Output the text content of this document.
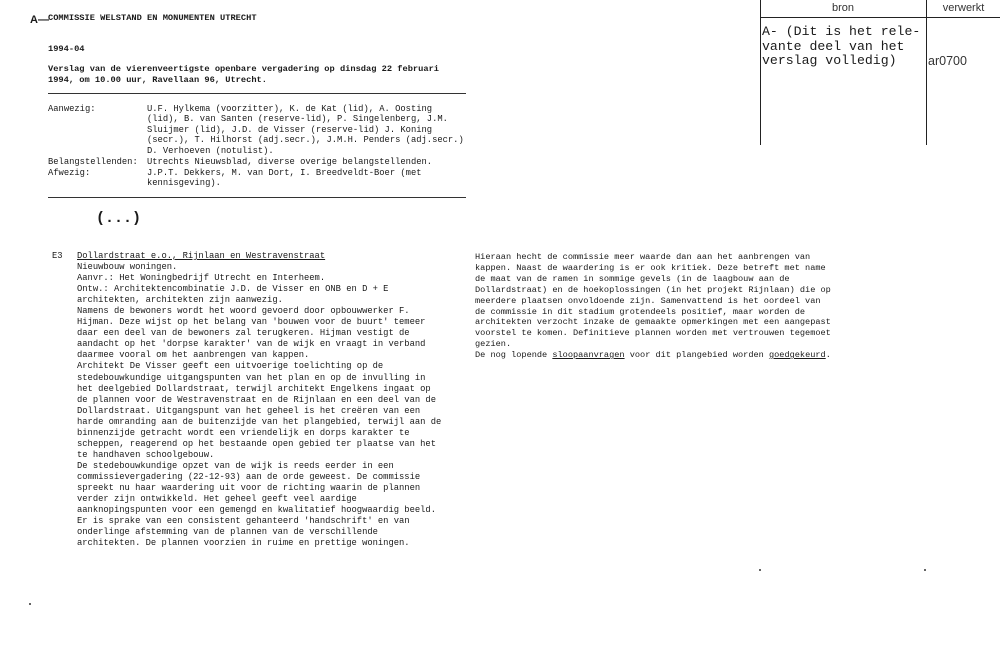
A— COMMISSIE WELSTAND EN MONUMENTEN UTRECHT
1994-04
Verslag van de vierenveertigste openbare vergadering op dinsdag 22 februari
1994, om 10.00 uur, Ravellaan 96, Utrecht.
Aanwezig:	U.F. Hylkema (voorzitter), K. de Kat (lid), A. Oosting
(lid), B. van Santen (reserve-lid), P. Singelenberg, J.M.
Sluijmer (lid), J.D. de Visser (reserve-lid) J. Koning
(secr.), T. Hilhorst (adj.secr.), J.M.H. Penders (adj.secr.)
D. Verhoeven (notulist).
Belangstellenden: Utrechts Nieuwsblad, diverse overige belangstellenden.
Afwezig:	J.P.T. Dekkers, M. van Dort, I. Breedveldt-Boer (met
kennisgeving).
(...)
E3 Dollardstraat e.o., Rijnlaan en Westravenstraat
Nieuwbouw woningen.
Aanvr.: Het Woningbedrijf Utrecht en Interheem.
Ontw.: Architektencombinatie J.D. de Visser en ONB en D + E
architekten, architekten zijn aanwezig.
Namens de bewoners wordt het woord gevoerd door opbouwwerker F.
Hijman. Deze wijst op het belang van 'bouwen voor de buurt' temeer
daar een deel van de bewoners zal terugkeren. Hijman vestigt de
aandacht op het 'dorpse karakter' van de wijk en vraagt in verband
daarmee vooral om het aanbrengen van kappen.
Architekt De Visser geeft een uitvoerige toelichting op de
stedebouwkundige uitgangspunten van het plan en op de invulling in
het deelgebied Dollardstraat, terwijl architekt Engelkens ingaat op
de plannen voor de Westravenstraat en de Rijnlaan en een deel van de
Dollardstraat. Uitgangspunt van het geheel is het creëren van een
harde omranding aan de buitenzijde van het plangebied, terwijl aan de
binnenzijde getracht wordt een vriendelijk en dorps karakter te
scheppen, reagerend op het bestaande open gebied ter plaatse van het
te handhaven schoolgebouw.
De stedebouwkundige opzet van de wijk is reeds eerder in een
commissievergadering (22-12-93) aan de orde geweest. De commissie
spreekt nu haar waardering uit voor de richting waarin de plannen
verder zijn ontwikkeld. Het geheel geeft veel aardige
aanknopingspunten voor een gemengd en kwalitatief hoogwaardig beeld.
Er is sprake van een consistent gehanteerd 'handschrift' en van
onderlinge afstemming van de plannen van de verschillende
architekten. De plannen voorzien in ruime en prettige woningen.
Hieraan hecht de commissie meer waarde dan aan het aanbrengen van
kappen. Naast de waardering is er ook kritiek. Deze betreft met name
de maat van de ramen in sommige gevels (in de laagbouw aan de
Dollardstraat) en de hoekoplossingen (in het projekt Rijnlaan) die op
meerdere plaatsen onvoldoende zijn. Samenvattend is het oordeel van
de commissie in dit stadium grotendeels positief, maar worden de
architekten verzocht inzake de gemaakte opmerkingen met een aangepast
voorstel te komen. Definitieve plannen worden met vertrouwen tegemoet
gezien.
De nog lopende sloopaanvragen voor dit plangebied worden goedgekeurd.
bron	verwerkt
A- (Dit is het rele-
vante deel van het
verslag volledig)	ar0700
